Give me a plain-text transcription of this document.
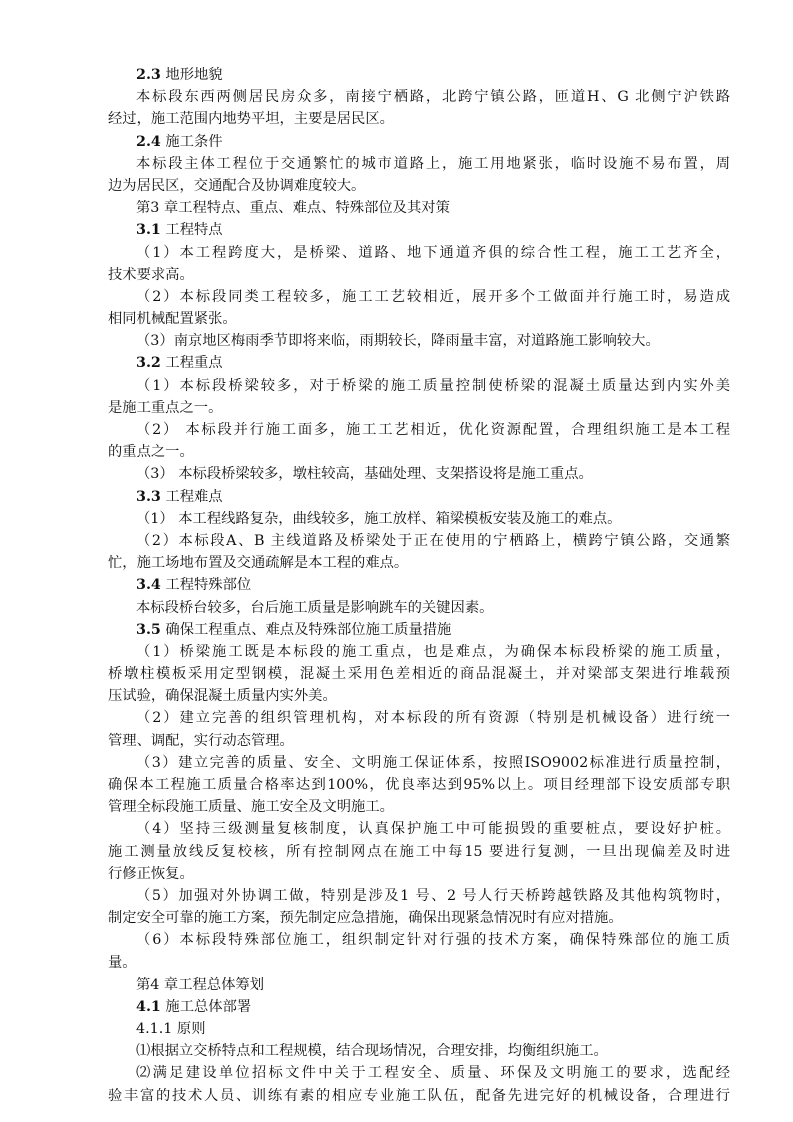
2.3 地形地貌
本标段东西两侧居民房众多，南接宁栖路，北跨宁镇公路，匝道H、G 北侧宁沪铁路
经过，施工范围内地势平坦，主要是居民区。
2.4 施工条件
本标段主体工程位于交通繁忙的城市道路上，施工用地紧张，临时设施不易布置，周
边为居民区，交通配合及协调难度较大。
第3 章工程特点、重点、难点、特殊部位及其对策
3.1 工程特点
（1）本工程跨度大，是桥梁、道路、地下通道齐俱的综合性工程，施工工艺齐全，
技术要求高。
（2）本标段同类工程较多，施工工艺较相近，展开多个工做面并行施工时，易造成
相同机械配置紧张。
（3）南京地区梅雨季节即将来临，雨期较长，降雨量丰富，对道路施工影响较大。
3.2 工程重点
（1）本标段桥梁较多，对于桥梁的施工质量控制使桥梁的混凝土质量达到内实外美
是施工重点之一。
（2） 本标段并行施工面多，施工工艺相近，优化资源配置，合理组织施工是本工程
的重点之一。
（3） 本标段桥梁较多，墩柱较高，基础处理、支架搭设将是施工重点。
3.3 工程难点
（1） 本工程线路复杂，曲线较多，施工放样、箱梁模板安装及施工的难点。
（2）本标段A、B 主线道路及桥梁处于正在使用的宁栖路上，横跨宁镇公路，交通繁
忙，施工场地布置及交通疏解是本工程的难点。
3.4 工程特殊部位
本标段桥台较多，台后施工质量是影响跳车的关键因素。
3.5 确保工程重点、难点及特殊部位施工质量措施
（1）桥梁施工既是本标段的施工重点，也是难点，为确保本标段桥梁的施工质量，
桥墩柱模板采用定型钢模，混凝土采用色差相近的商品混凝土，并对梁部支架进行堆载预
压试验，确保混凝土质量内实外美。
（2）建立完善的组织管理机构，对本标段的所有资源（特别是机械设备）进行统一
管理、调配，实行动态管理。
（3）建立完善的质量、安全、文明施工保证体系，按照ISO9002标准进行质量控制，
确保本工程施工质量合格率达到100%，优良率达到95%以上。项目经理部下设安质部专职
管理全标段施工质量、施工安全及文明施工。
（4）坚持三级测量复核制度，认真保护施工中可能损毁的重要桩点，要设好护桩。
施工测量放线反复校核，所有控制网点在施工中每15 要进行复测，一旦出现偏差及时进
行修正恢复。
（5）加强对外协调工做，特别是涉及1 号、2 号人行天桥跨越铁路及其他构筑物时，
制定安全可靠的施工方案，预先制定应急措施，确保出现紧急情况时有应对措施。
（6）本标段特殊部位施工，组织制定针对行强的技术方案，确保特殊部位的施工质
量。
第4 章工程总体筹划
4.1 施工总体部署
4.1.1 原则
⑴根据立交桥特点和工程规模，结合现场情况，合理安排，均衡组织施工。
⑵满足建设单位招标文件中关于工程安全、质量、环保及文明施工的要求，选配经
验丰富的技术人员、训练有素的相应专业施工队伍，配备先进完好的机械设备，合理进行
